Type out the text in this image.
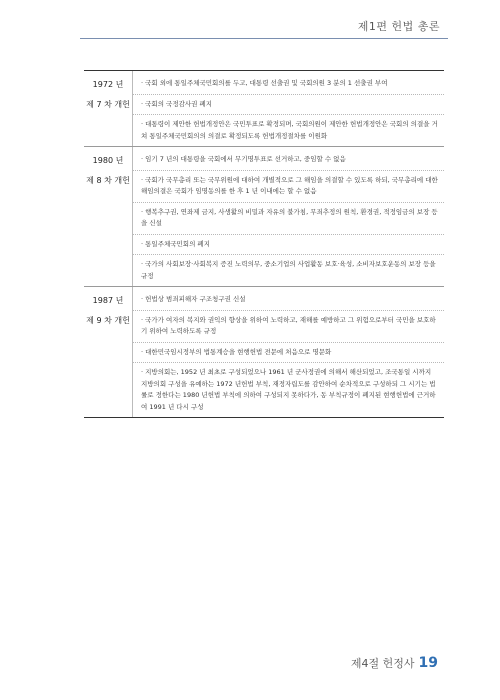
제1편 헌법 총론
1972 년
제 7 차 개헌
· 국회 외에 통일주체국민회의를 두고, 대통령 선출권 및 국회의원 3 분의 1 선출권 부여
· 국회의 국정감사권 폐지
· 대통령이 제안한 헌법개정안은 국민투표로 확정되며, 국회의원이 제안한 헌법개정안은 국회의 의결을 거쳐 통일주체국민회의의 의결로 확정되도록 헌법개정절차를 이원화
1980 년
제 8 차 개헌
· 임기 7 년의 대통령을 국회에서 무기명투표로 선거하고, 중임할 수 없음
· 국회가 국무총리 또는 국무위원에 대하여 개별적으로 그 해임을 의결할 수 있도록 하되, 국무총리에 대한 해임의결은 국회가 임명동의를 한 후 1 년 이내에는 할 수 없음
· 행복추구권, 연좌제 금지, 사생활의 비밀과 자유의 불가침, 무죄추정의 원칙, 환경권, 적정임금의 보장 등을 신설
· 통일주체국민회의 폐지
· 국가의 사회보장·사회복지 증진 노력의무, 중소기업의 사업활동 보호·육성, 소비자보호운동의 보장 등을 규정
1987 년
제 9 차 개헌
· 헌법상 범죄피해자 구조청구권 신설
· 국가가 여자의 복지와 권익의 향상을 위하여 노력하고, 재해를 예방하고 그 위험으로부터 국민을 보호하기 위하여 노력하도록 규정
· 대한민국임시정부의 법통계승을 현행헌법 전문에 처음으로 명문화
· 지방의회는, 1952 년 최초로 구성되었으나 1961 년 군사정권에 의해서 해산되었고, 조국통일 시까지 지방의회 구성을 유예하는 1972 년헌법 부칙, 재정자립도를 감안하여 순차적으로 구성하되 그 시기는 법률로 정한다는 1980 년헌법 부칙에 의하여 구성되지 못하다가, 동 부칙규정이 폐지된 현행헌법에 근거하여 1991 년 다시 구성
제4절 헌정사 19
